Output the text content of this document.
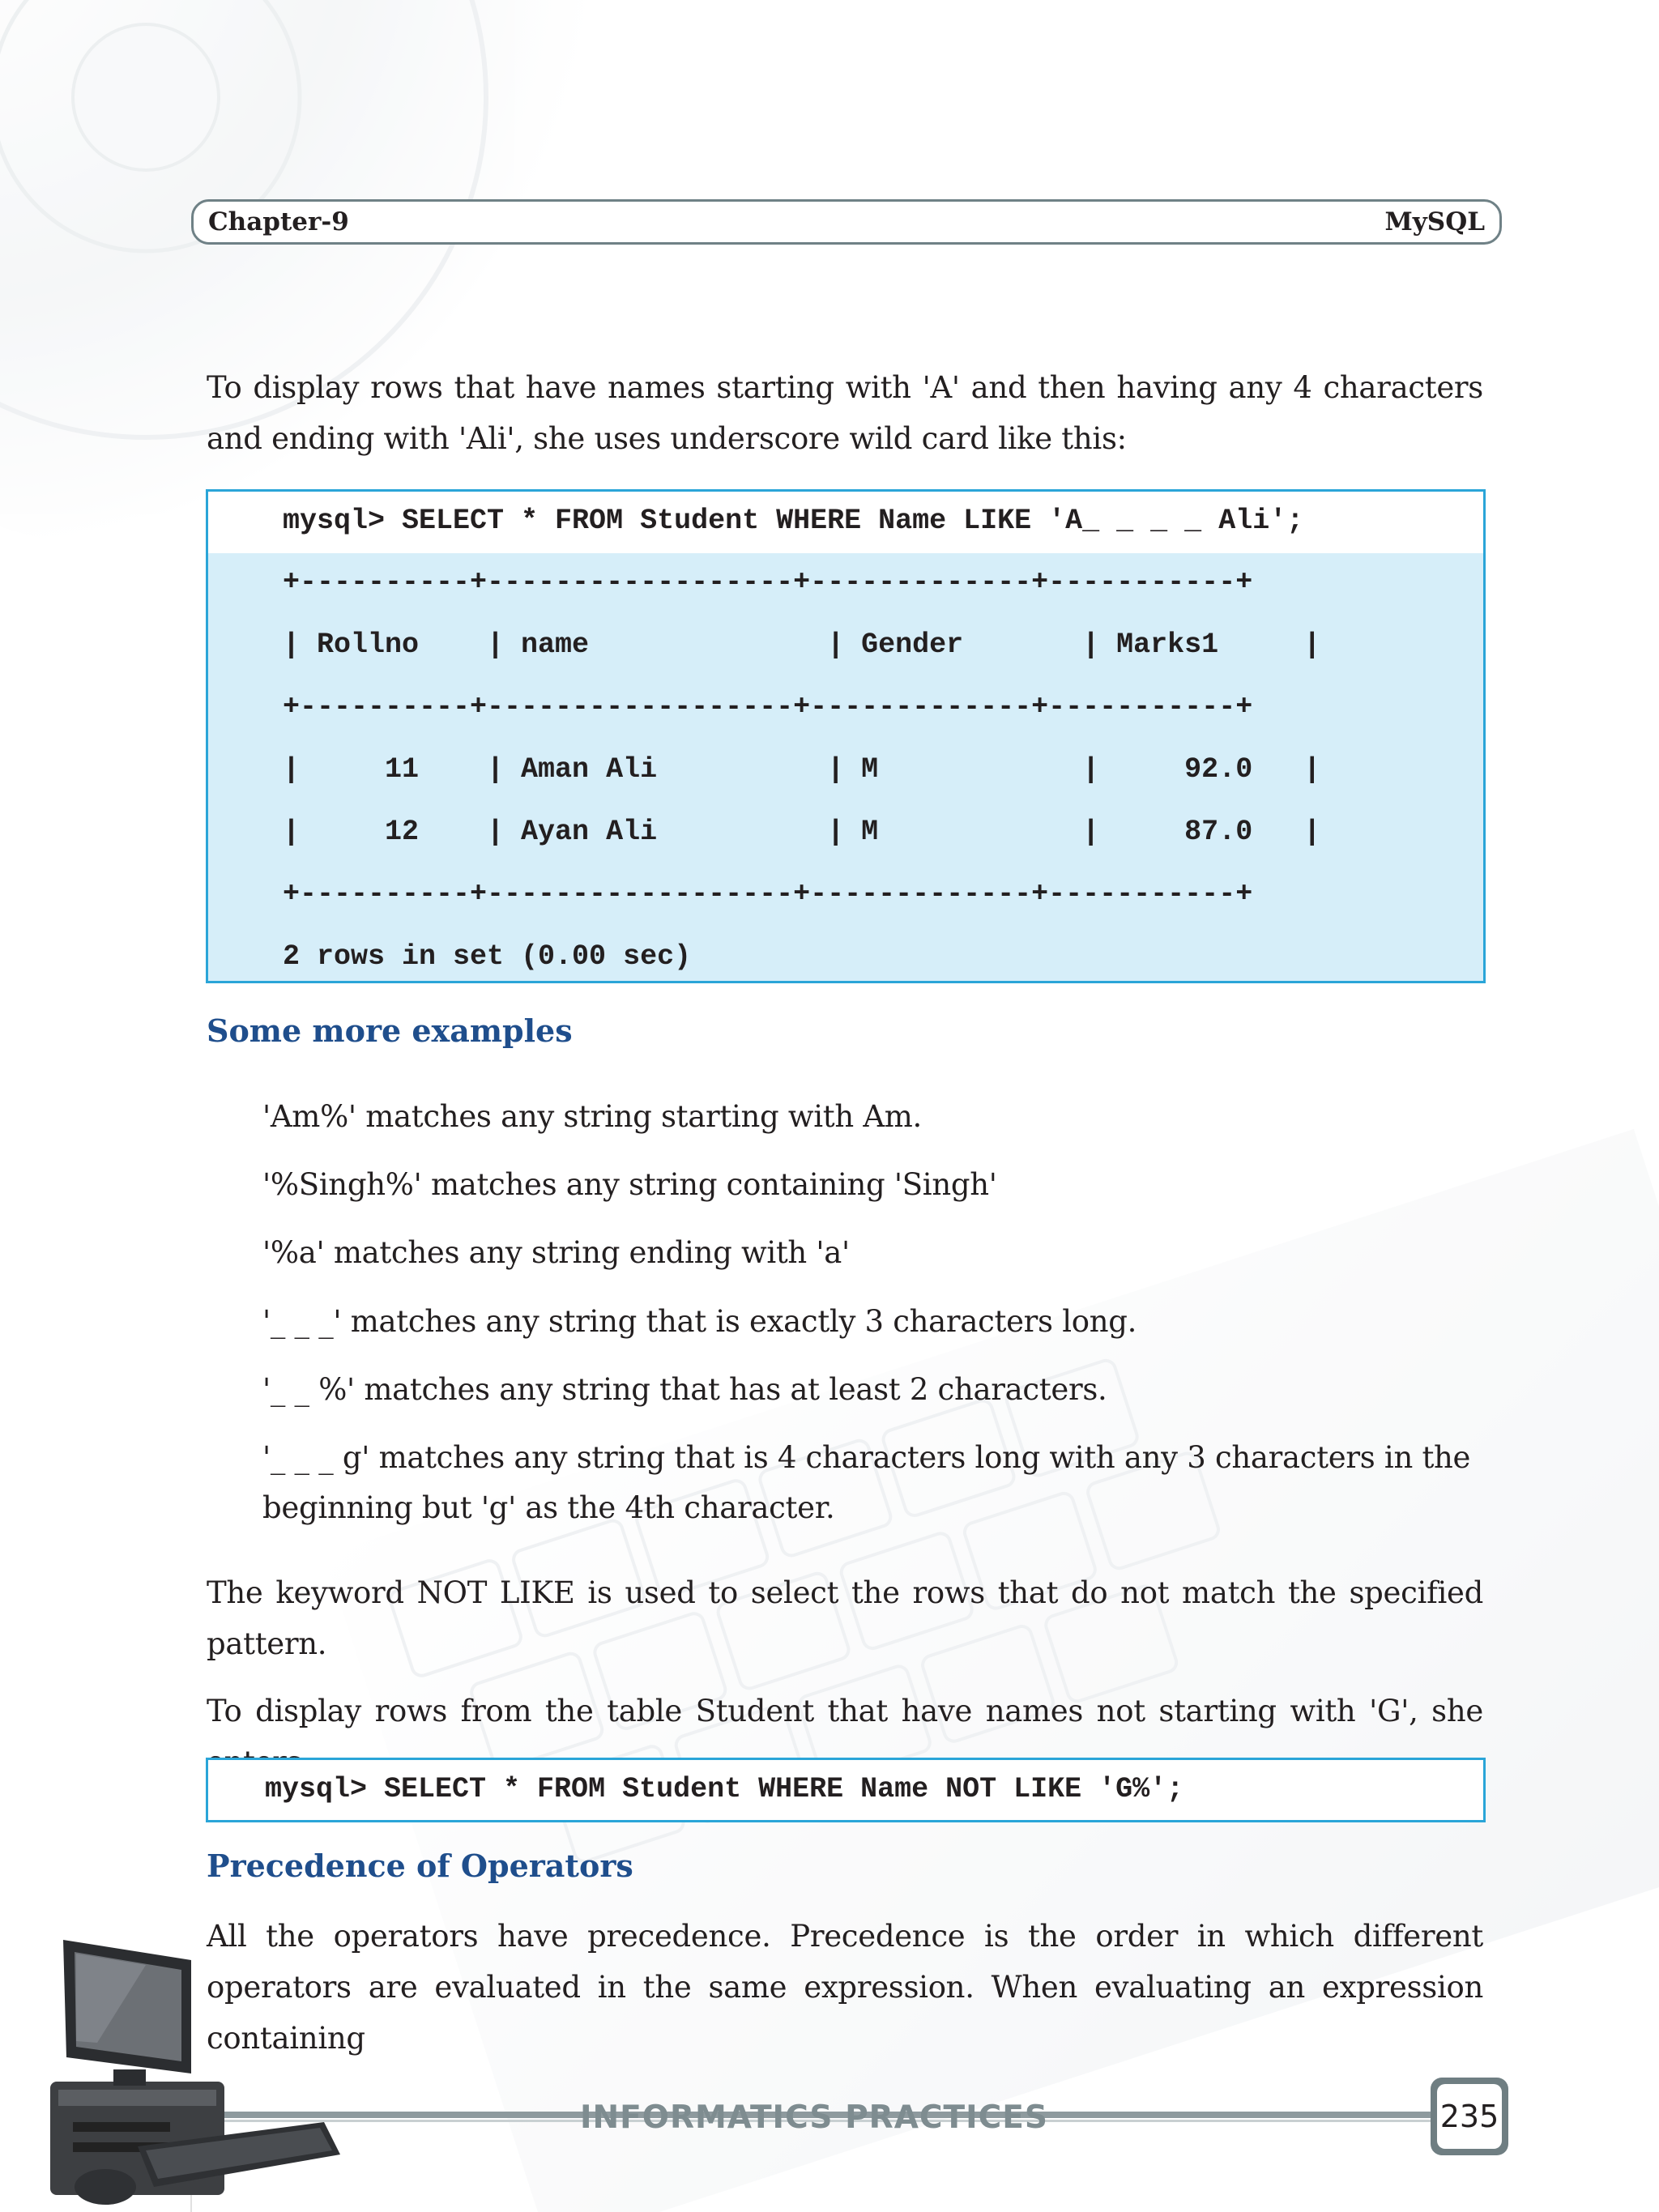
Chapter-9	MySQL

To display rows that have names starting with 'A' and then having any 4 characters and ending with 'Ali', she uses underscore wild card like this:

mysql> SELECT * FROM Student WHERE Name LIKE 'A_ _ _ _ Ali';
+----------+------------------+-------------+-----------+
| Rollno    | name              | Gender       | Marks1     |
+----------+------------------+-------------+-----------+
|     11    | Aman Ali          | M            |     92.0   |
|     12    | Ayan Ali          | M            |     87.0   |
+----------+------------------+-------------+-----------+
2 rows in set (0.00 sec)
Some more examples

'Am%' matches any string starting with Am.

'%Singh%' matches any string containing 'Singh'

'%a' matches any string ending with 'a'

'_ _ _' matches any string that is exactly 3 characters long.

'_ _ %' matches any string that has at least 2 characters.

'_ _ _ g' matches any string that is 4 characters long with any 3 characters in the beginning but 'g' as the 4th character.

The keyword NOT LIKE is used to select the rows that do not match the specified pattern.

To display rows from the table Student that have names not starting with 'G', she

mysql> SELECT * FROM Student WHERE Name NOT LIKE 'G%';
Precedence of Operators

All the operators have precedence. Precedence is the order in which different operators are evaluated in the same expression. When evaluating an expression containing

INFORMATICS PRACTICES	235
